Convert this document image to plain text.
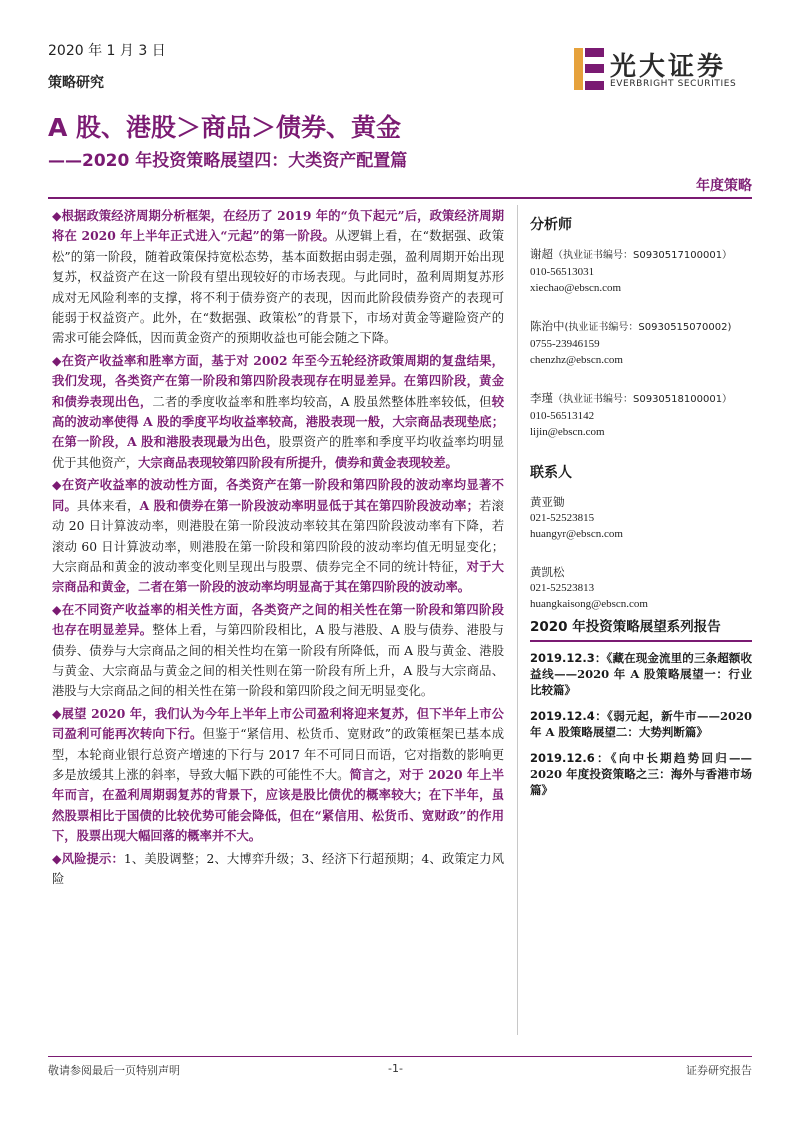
2020 年 1 月 3 日
策略研究
光大证券
EVERBRIGHT SECURITIES
A 股、港股＞商品＞债券、黄金
——2020 年投资策略展望四：大类资产配置篇
年度策略

◆根据政策经济周期分析框架，在经历了 2019 年的“负下起元”后，政策经济周期将在 2020 年上半年正式进入“元起”的第一阶段。从逻辑上看，在“数据强、政策松”的第一阶段，随着政策保持宽松态势，基本面数据由弱走强，盈利周期开始出现复苏，权益资产在这一阶段有望出现较好的市场表现。与此同时，盈利周期复苏形成对无风险利率的支撑，将不利于债券资产的表现，因而此阶段债券资产的表现可能弱于权益资产。此外，在“数据强、政策松”的背景下，市场对黄金等避险资产的需求可能会降低，因而黄金资产的预期收益也可能会随之下降。

◆在资产收益率和胜率方面，基于对 2002 年至今五轮经济政策周期的复盘结果，我们发现，各类资产在第一阶段和第四阶段表现存在明显差异。在第四阶段，黄金和债券表现出色，二者的季度收益率和胜率均较高，A 股虽然整体胜率较低，但较高的波动率使得 A 股的季度平均收益率较高，港股表现一般，大宗商品表现垫底；在第一阶段，A 股和港股表现最为出色，股票资产的胜率和季度平均收益率均明显优于其他资产，大宗商品表现较第四阶段有所提升，债券和黄金表现较差。

◆在资产收益率的波动性方面，各类资产在第一阶段和第四阶段的波动率均显著不同。具体来看，A 股和债券在第一阶段波动率明显低于其在第四阶段波动率；若滚动 20 日计算波动率，则港股在第一阶段波动率较其在第四阶段波动率有下降，若滚动 60 日计算波动率，则港股在第一阶段和第四阶段的波动率均值无明显变化；大宗商品和黄金的波动率变化则呈现出与股票、债券完全不同的统计特征，对于大宗商品和黄金，二者在第一阶段的波动率均明显高于其在第四阶段的波动率。

◆在不同资产收益率的相关性方面，各类资产之间的相关性在第一阶段和第四阶段也存在明显差异。整体上看，与第四阶段相比，A 股与港股、A 股与债券、港股与债券、债券与大宗商品之间的相关性均在第一阶段有所降低，而 A 股与黄金、港股与黄金、大宗商品与黄金之间的相关性则在第一阶段有所上升，A 股与大宗商品、港股与大宗商品之间的相关性在第一阶段和第四阶段之间无明显变化。

◆展望 2020 年，我们认为今年上半年上市公司盈利将迎来复苏，但下半年上市公司盈利可能再次转向下行。但鉴于“紧信用、松货币、宽财政”的政策框架已基本成型，本轮商业银行总资产增速的下行与 2017 年不可同日而语，它对指数的影响更多是放缓其上涨的斜率，导致大幅下跌的可能性不大。简言之，对于 2020 年上半年而言，在盈利周期弱复苏的背景下，应该是股比债优的概率较大；在下半年，虽然股票相比于国债的比较优势可能会降低，但在“紧信用、松货币、宽财政”的作用下，股票出现大幅回落的概率并不大。

◆风险提示：1、美股调整；2、大博弈升级；3、经济下行超预期；4、政策定力风险

分析师
谢超（执业证书编号：S0930517100001）
010-56513031
xiechao@ebscn.com
陈治中(执业证书编号：S0930515070002)
0755-23946159
chenzhz@ebscn.com
李瑾（执业证书编号：S0930518100001）
010-56513142
lijin@ebscn.com
联系人
黄亚锄
021-52523815
huangyr@ebscn.com
黄凯松
021-52523813
huangkaisong@ebscn.com
2020 年投资策略展望系列报告
2019.12.3：《藏在现金流里的三条超额收益线——2020 年 A 股策略展望一：行业比较篇》
2019.12.4：《弱元起，新牛市——2020 年 A 股策略展望二：大势判断篇》
2019.12.6：《向中长期趋势回归——2020 年度投资策略之三：海外与香港市场篇》
敬请参阅最后一页特别声明	-1-	证券研究报告
